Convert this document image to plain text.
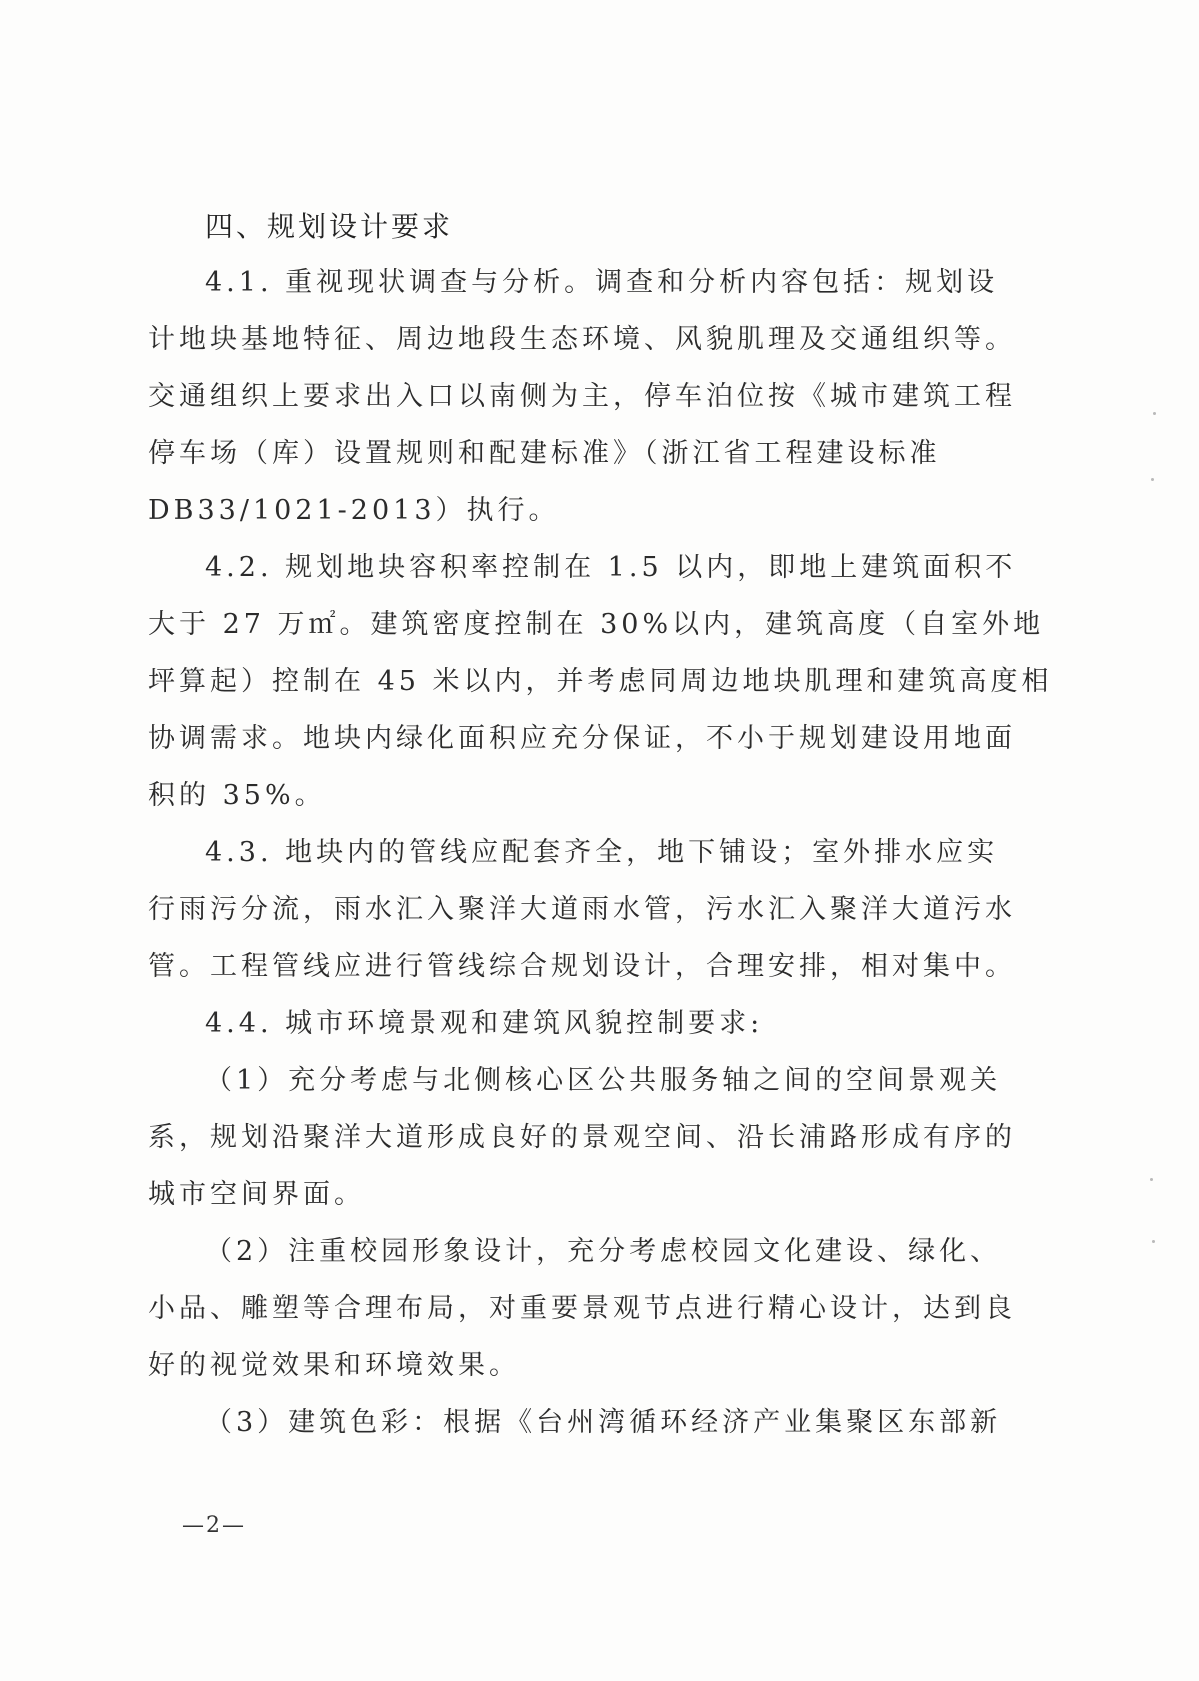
四、规划设计要求
4.1. 重视现状调查与分析。调查和分析内容包括：规划设
计地块基地特征、周边地段生态环境、风貌肌理及交通组织等。
交通组织上要求出入口以南侧为主，停车泊位按《城市建筑工程
停车场（库）设置规则和配建标准》（浙江省工程建设标准
DB33/1021-2013）执行。
4.2. 规划地块容积率控制在 1.5 以内，即地上建筑面积不
大于 27 万㎡。建筑密度控制在 30%以内，建筑高度（自室外地
坪算起）控制在 45 米以内，并考虑同周边地块肌理和建筑高度相
协调需求。地块内绿化面积应充分保证，不小于规划建设用地面
积的 35%。
4.3. 地块内的管线应配套齐全，地下铺设；室外排水应实
行雨污分流，雨水汇入聚洋大道雨水管，污水汇入聚洋大道污水
管。工程管线应进行管线综合规划设计，合理安排，相对集中。
4.4. 城市环境景观和建筑风貌控制要求:
（1）充分考虑与北侧核心区公共服务轴之间的空间景观关
系，规划沿聚洋大道形成良好的景观空间、沿长浦路形成有序的
城市空间界面。
（2）注重校园形象设计，充分考虑校园文化建设、绿化、
小品、雕塑等合理布局，对重要景观节点进行精心设计，达到良
好的视觉效果和环境效果。
（3）建筑色彩：根据《台州湾循环经济产业集聚区东部新
—2—
